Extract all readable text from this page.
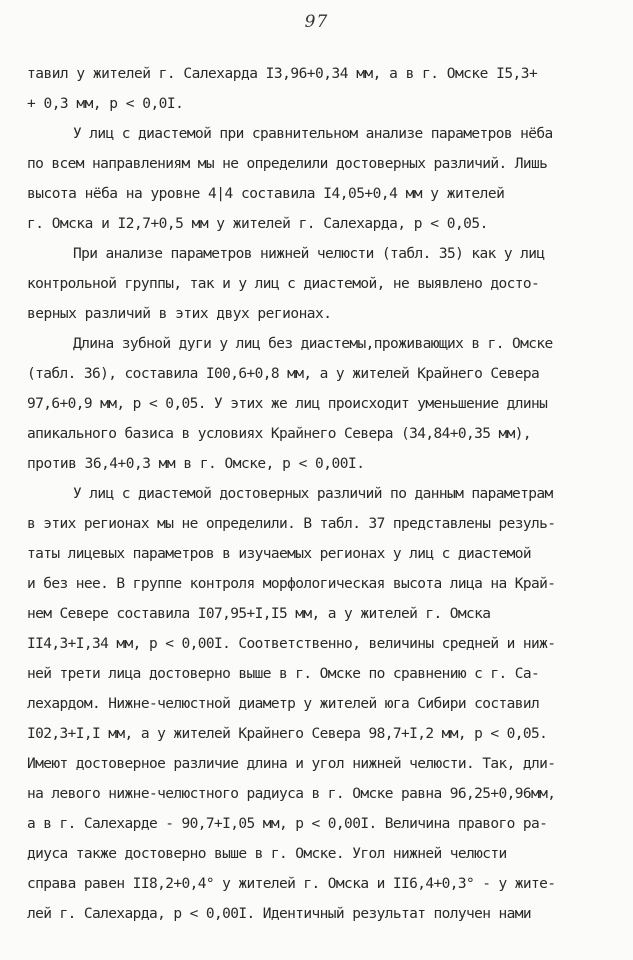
97
тавил у жителей г. Салехарда I3,96+0,34 мм, а в г. Омске I5,3+
+ 0,3 мм, p < 0,0I.
У лиц с диастемой при сравнительном анализе параметров нёба
по всем направлениям мы не определили достоверных различий. Лишь
высота нёба на уровне 4|4 составила I4,05+0,4 мм у жителей
г. Омска и I2,7+0,5 мм у жителей г. Салехарда, p < 0,05.
При анализе параметров нижней челюсти (табл. 35) как у лиц
контрольной группы, так и у лиц с диастемой, не выявлено досто-
верных различий в этих двух регионах.
Длина зубной дуги у лиц без диастемы,проживающих в г. Омске
(табл. 36), составила I00,6+0,8 мм, а у жителей Крайнего Севера
97,6+0,9 мм, p < 0,05. У этих же лиц происходит уменьшение длины
апикального базиса в условиях Крайнего Севера (34,84+0,35 мм),
против 36,4+0,3 мм в г. Омске, p < 0,00I.
У лиц с диастемой достоверных различий по данным параметрам
в этих регионах мы не определили. В табл. 37 представлены резуль-
таты лицевых параметров в изучаемых регионах у лиц с диастемой
и без нее. В группе контроля морфологическая высота лица на Край-
нем Севере составила I07,95+I,I5 мм, а у жителей г. Омска
II4,3+I,34 мм, p < 0,00I. Соответственно, величины средней и ниж-
ней трети лица достоверно выше в г. Омске по сравнению с г. Са-
лехардом. Нижне-челюстной диаметр у жителей юга Сибири составил
I02,3+I,I мм, а у жителей Крайнего Севера 98,7+I,2 мм, p < 0,05.
Имеют достоверное различие длина и угол нижней челюсти. Так, дли-
на левого нижне-челюстного радиуса в г. Омске равна 96,25+0,96мм,
а в г. Салехарде - 90,7+I,05 мм, p < 0,00I. Величина правого ра-
диуса также достоверно выше в г. Омске. Угол нижней челюсти
справа равен II8,2+0,4° у жителей г. Омска и II6,4+0,3° - у жите-
лей г. Салехарда, p < 0,00I. Идентичный результат получен нами
